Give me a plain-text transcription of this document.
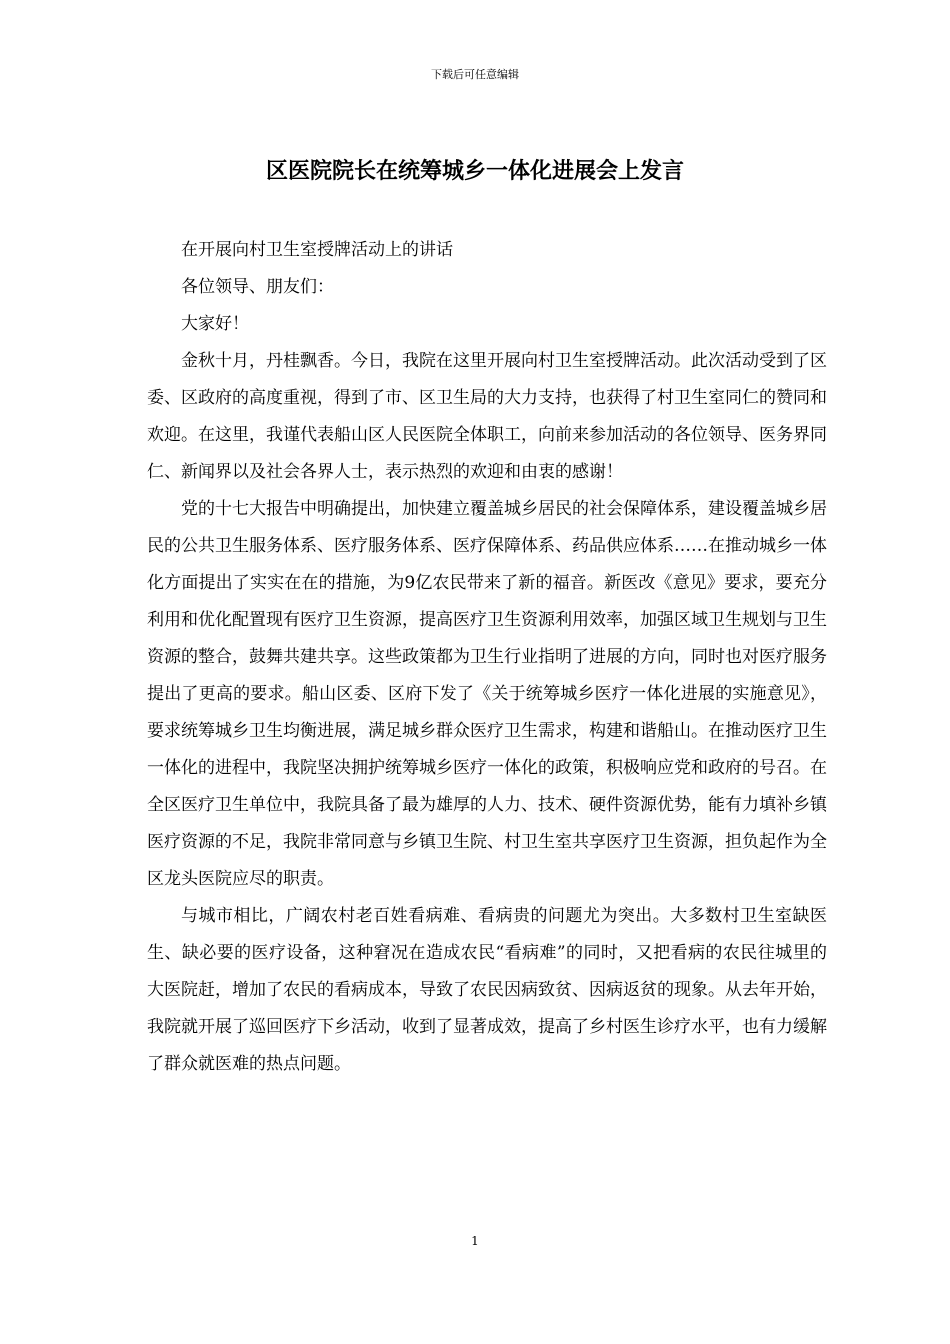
下载后可任意编辑
区医院院长在统筹城乡一体化进展会上发言

在开展向村卫生室授牌活动上的讲话

各位领导、朋友们：

大家好！

金秋十月，丹桂飘香。今日，我院在这里开展向村卫生室授牌活动。此次活动受到了区委、区政府的高度重视，得到了市、区卫生局的大力支持，也获得了村卫生室同仁的赞同和欢迎。在这里，我谨代表船山区人民医院全体职工，向前来参加活动的各位领导、医务界同仁、新闻界以及社会各界人士，表示热烈的欢迎和由衷的感谢！

党的十七大报告中明确提出，加快建立覆盖城乡居民的社会保障体系，建设覆盖城乡居民的公共卫生服务体系、医疗服务体系、医疗保障体系、药品供应体系……在推动城乡一体化方面提出了实实在在的措施，为9亿农民带来了新的福音。新医改《意见》要求，要充分利用和优化配置现有医疗卫生资源，提高医疗卫生资源利用效率，加强区域卫生规划与卫生资源的整合，鼓舞共建共享。这些政策都为卫生行业指明了进展的方向，同时也对医疗服务提出了更高的要求。船山区委、区府下发了《关于统筹城乡医疗一体化进展的实施意见》，要求统筹城乡卫生均衡进展，满足城乡群众医疗卫生需求，构建和谐船山。在推动医疗卫生一体化的进程中，我院坚决拥护统筹城乡医疗一体化的政策，积极响应党和政府的号召。在全区医疗卫生单位中，我院具备了最为雄厚的人力、技术、硬件资源优势，能有力填补乡镇医疗资源的不足，我院非常同意与乡镇卫生院、村卫生室共享医疗卫生资源，担负起作为全区龙头医院应尽的职责。

与城市相比，广阔农村老百姓看病难、看病贵的问题尤为突出。大多数村卫生室缺医生、缺必要的医疗设备，这种窘况在造成农民“看病难”的同时，又把看病的农民往城里的大医院赶，增加了农民的看病成本，导致了农民因病致贫、因病返贫的现象。从去年开始，我院就开展了巡回医疗下乡活动，收到了显著成效，提高了乡村医生诊疗水平，也有力缓解了群众就医难的热点问题。

1
